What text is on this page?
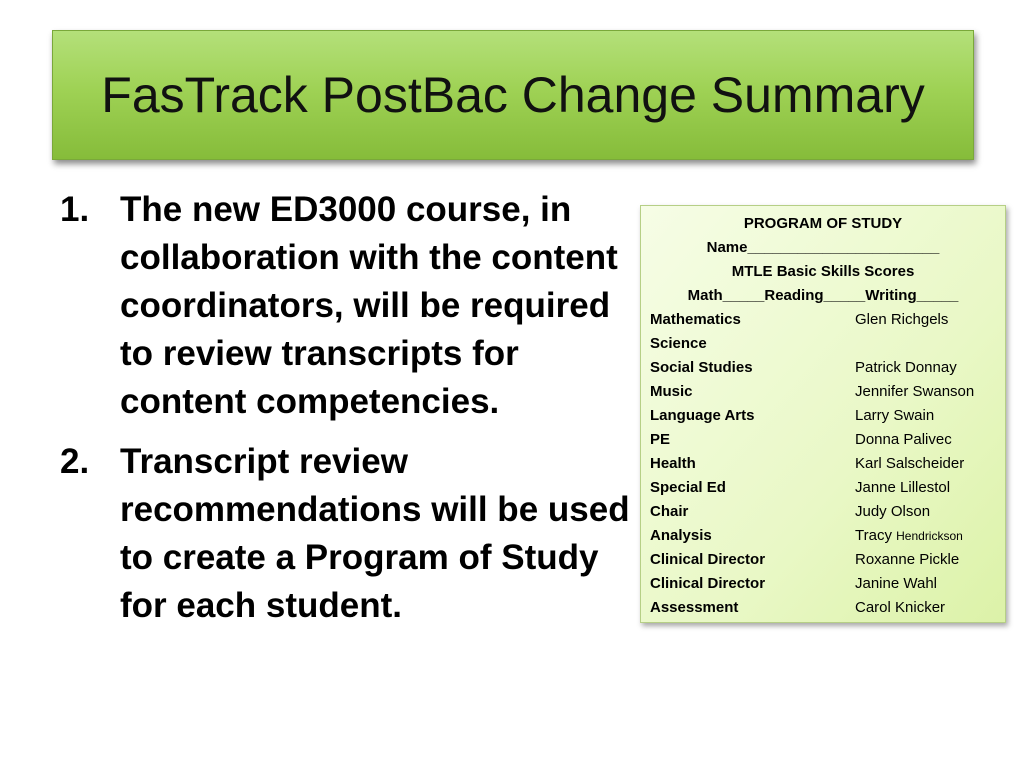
FasTrack PostBac Change Summary
1. The new ED3000 course, in collaboration with the content coordinators, will be required to review transcripts for content competencies.
2. Transcript review recommendations will be used to create a Program of Study for each student.
PROGRAM OF STUDY
Name_______________________
MTLE Basic Skills Scores
Math_____Reading_____Writing_____
Mathematics	Glen Richgels
Science
Social Studies	Patrick Donnay
Music	Jennifer Swanson
Language Arts	Larry Swain
PE	Donna Palivec
Health	Karl Salscheider
Special Ed	Janne Lillestol
Chair	Judy Olson
Analysis	Tracy Hendrickson
Clinical Director	Roxanne Pickle
Clinical Director	Janine Wahl
Assessment	Carol Knicker
